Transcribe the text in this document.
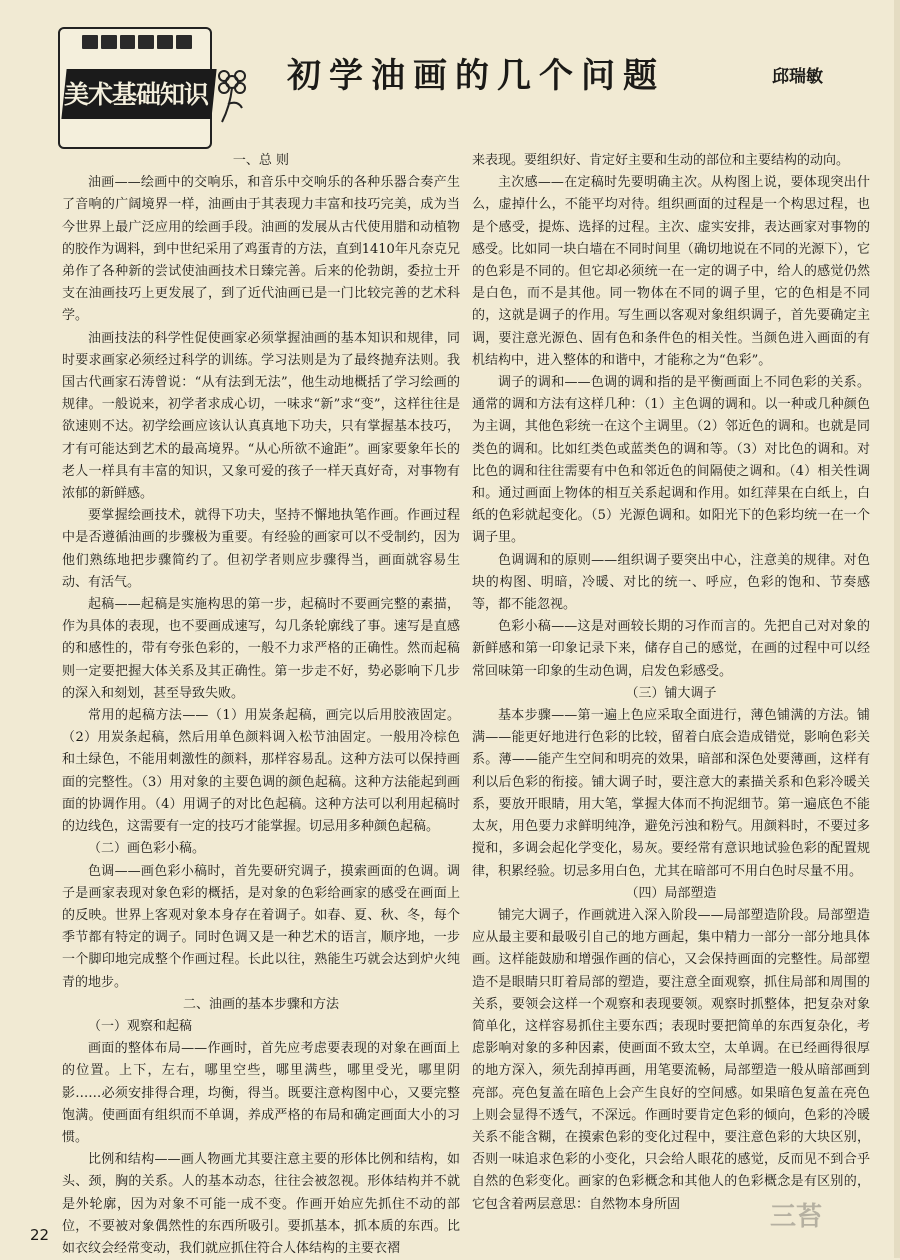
美术基础知识 初学油画的几个问题	邱瑞敏
一、总 则

油画——绘画中的交响乐，和音乐中交响乐的各种乐器合奏产生了音响的广阔境界一样，油画由于其表现力丰富和技巧完美，成为当今世界上最广泛应用的绘画手段。油画的发展从古代使用腊和动植物的胶作为调料，到中世纪采用了鸡蛋青的方法，直到1410年凡奈克兄弟作了各种新的尝试使油画技术日臻完善。后来的伦勃朗，委拉士开支在油画技巧上更发展了，到了近代油画已是一门比较完善的艺术科学。

油画技法的科学性促使画家必须掌握油画的基本知识和规律，同时要求画家必须经过科学的训练。学习法则是为了最终抛弃法则。我国古代画家石涛曾说：“从有法到无法”，他生动地概括了学习绘画的规律。一般说来，初学者求成心切，一味求“新”求“变”，这样往往是欲速则不达。初学绘画应该认认真真地下功夫，只有掌握基本技巧，才有可能达到艺术的最高境界。“从心所欲不逾距”。画家要象年长的老人一样具有丰富的知识，又象可爱的孩子一样天真好奇，对事物有浓郁的新鲜感。

要掌握绘画技术，就得下功夫，坚持不懈地执笔作画。作画过程中是否遵循油画的步骤极为重要。有经验的画家可以不受制约，因为他们熟练地把步骤简约了。但初学者则应步骤得当，画面就容易生动、有活气。

起稿——起稿是实施构思的第一步，起稿时不要画完整的素描，作为具体的表现，也不要画成速写，勾几条轮廓线了事。速写是直感的和感性的，带有夸张色彩的，一般不力求严格的正确性。然而起稿则一定要把握大体关系及其正确性。第一步走不好，势必影响下几步的深入和刻划，甚至导致失败。

常用的起稿方法——（1）用炭条起稿，画完以后用胶液固定。（2）用炭条起稿，然后用单色颜料调入松节油固定。一般用冷棕色和土绿色，不能用刺激性的颜料，那样容易乱。这种方法可以保持画面的完整性。（3）用对象的主要色调的颜色起稿。这种方法能起到画面的协调作用。（4）用调子的对比色起稿。这种方法可以利用起稿时的边线色，这需要有一定的技巧才能掌握。切忌用多种颜色起稿。

（二）画色彩小稿。

色调——画色彩小稿时，首先要研究调子，摸索画面的色调。调子是画家表现对象色彩的概括，是对象的色彩给画家的感受在画面上的反映。世界上客观对象本身存在着调子。如春、夏、秋、冬，每个季节都有特定的调子。同时色调又是一种艺术的语言，顺序地，一步一个脚印地完成整个作画过程。长此以往，熟能生巧就会达到炉火纯青的地步。

二、油画的基本步骤和方法

（一）观察和起稿

画面的整体布局——作画时，首先应考虑要表现的对象在画面上的位置。上下，左右，哪里空些，哪里满些，哪里受光，哪里阴影……必须安排得合理，均衡，得当。既要注意构图中心，又要完整饱满。使画面有组织而不单调，养成严格的布局和确定画面大小的习惯。

比例和结构——画人物画尤其要注意主要的形体比例和结构，如头、颈，胸的关系。人的基本动态，往往会被忽视。形体结构并不就是外轮廓，因为对象不可能一成不变。作画开始应先抓住不动的部位，不要被对象偶然性的东西所吸引。要抓基本，抓本质的东西。比如衣纹会经常变动，我们就应抓住符合人体结构的主要衣褶

来表现。要组织好、肯定好主要和生动的部位和主要结构的动向。

主次感——在定稿时先要明确主次。从构图上说，要体现突出什么，虚掉什么，不能平均对待。组织画面的过程是一个构思过程，也是个感受，提炼、选择的过程。主次、虚实安排，表达画家对事物的感受。比如同一块白墙在不同时间里（确切地说在不同的光源下），它的色彩是不同的。但它却必须统一在一定的调子中，给人的感觉仍然是白色，而不是其他。同一物体在不同的调子里，它的色相是不同的，这就是调子的作用。写生画以客观对象组织调子，首先要确定主调，要注意光源色、固有色和条件色的相关性。当颜色进入画面的有机结构中，进入整体的和谐中，才能称之为“色彩”。

调子的调和——色调的调和指的是平衡画面上不同色彩的关系。通常的调和方法有这样几种：（1）主色调的调和。以一种或几种颜色为主调，其他色彩统一在这个主调里。（2）邻近色的调和。也就是同类色的调和。比如红类色或蓝类色的调和等。（3）对比色的调和。对比色的调和往往需要有中色和邻近色的间隔使之调和。（4）相关性调和。通过画面上物体的相互关系起调和作用。如红萍果在白纸上，白纸的色彩就起变化。（5）光源色调和。如阳光下的色彩均统一在一个调子里。

色调调和的原则——组织调子要突出中心，注意美的规律。对色块的构图、明暗，冷暖、对比的统一、呼应，色彩的饱和、节奏感等，都不能忽视。

色彩小稿——这是对画较长期的习作而言的。先把自己对对象的新鲜感和第一印象记录下来，储存自己的感觉，在画的过程中可以经常回味第一印象的生动色调，启发色彩感受。

（三）铺大调子

基本步骤——第一遍上色应采取全面进行，薄色铺满的方法。铺满——能更好地进行色彩的比较，留着白底会造成错觉，影响色彩关系。薄——能产生空间和明亮的效果，暗部和深色处要薄画，这样有利以后色彩的衔接。铺大调子时，要注意大的素描关系和色彩冷暖关系，要放开眼睛，用大笔，掌握大体而不拘泥细节。第一遍底色不能太灰，用色要力求鲜明纯净，避免污浊和粉气。用颜料时，不要过多搅和，多调会起化学变化，易灰。要经常有意识地试验色彩的配置规律，积累经验。切忌多用白色，尤其在暗部可不用白色时尽量不用。

（四）局部塑造

铺完大调子，作画就进入深入阶段——局部塑造阶段。局部塑造应从最主要和最吸引自己的地方画起，集中精力一部分一部分地具体画。这样能鼓励和增强作画的信心，又会保持画面的完整性。局部塑造不是眼睛只盯着局部的塑造，要注意全面观察，抓住局部和周围的关系，要领会这样一个观察和表现要领。观察时抓整体，把复杂对象简单化，这样容易抓住主要东西；表现时要把简单的东西复杂化，考虑影响对象的多种因素，使画面不致太空，太单调。在已经画得很厚的地方深入，须先刮掉再画，用笔要流畅，局部塑造一般从暗部画到亮部。亮色复盖在暗色上会产生良好的空间感。如果暗色复盖在亮色上则会显得不透气，不深远。作画时要肯定色彩的倾向，色彩的冷暖关系不能含糊，在摸索色彩的变化过程中，要注意色彩的大块区别，否则一味追求色彩的小变化，只会给人眼花的感觉，反而见不到合乎自然的色彩变化。画家的色彩概念和其他人的色彩概念是有区别的，它包含着两层意思：自然物本身所固

22
三苔
